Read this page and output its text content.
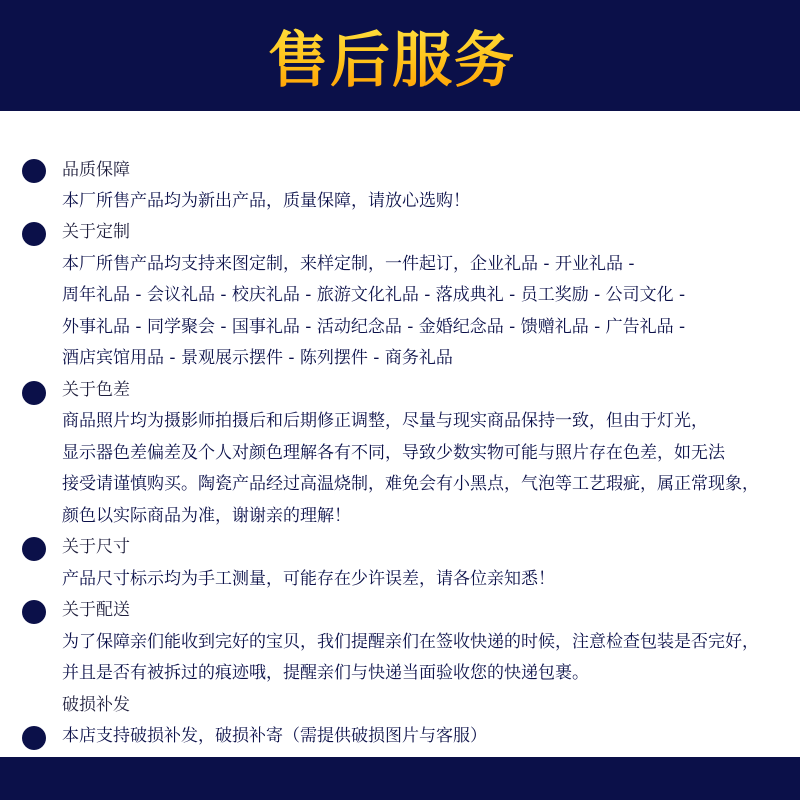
售后服务
品质保障
本厂所售产品均为新出产品，质量保障，请放心选购！
关于定制
本厂所售产品均支持来图定制，来样定制，一件起订，企业礼品 - 开业礼品 -
周年礼品 - 会议礼品 - 校庆礼品 - 旅游文化礼品 - 落成典礼 - 员工奖励 - 公司文化 -
外事礼品 - 同学聚会 - 国事礼品 - 活动纪念品 - 金婚纪念品 - 馈赠礼品 - 广告礼品 -
酒店宾馆用品 - 景观展示摆件 - 陈列摆件 - 商务礼品
关于色差
商品照片均为摄影师拍摄后和后期修正调整，尽量与现实商品保持一致，但由于灯光，
显示器色差偏差及个人对颜色理解各有不同，导致少数实物可能与照片存在色差，如无法
接受请谨慎购买。陶瓷产品经过高温烧制，难免会有小黑点，气泡等工艺瑕疵，属正常现象，
颜色以实际商品为准，谢谢亲的理解！
关于尺寸
产品尺寸标示均为手工测量，可能存在少许误差，请各位亲知悉！
关于配送
为了保障亲们能收到完好的宝贝，我们提醒亲们在签收快递的时候，注意检查包装是否完好，
并且是否有被拆过的痕迹哦，提醒亲们与快递当面验收您的快递包裹。
破损补发
本店支持破损补发，破损补寄（需提供破损图片与客服）
